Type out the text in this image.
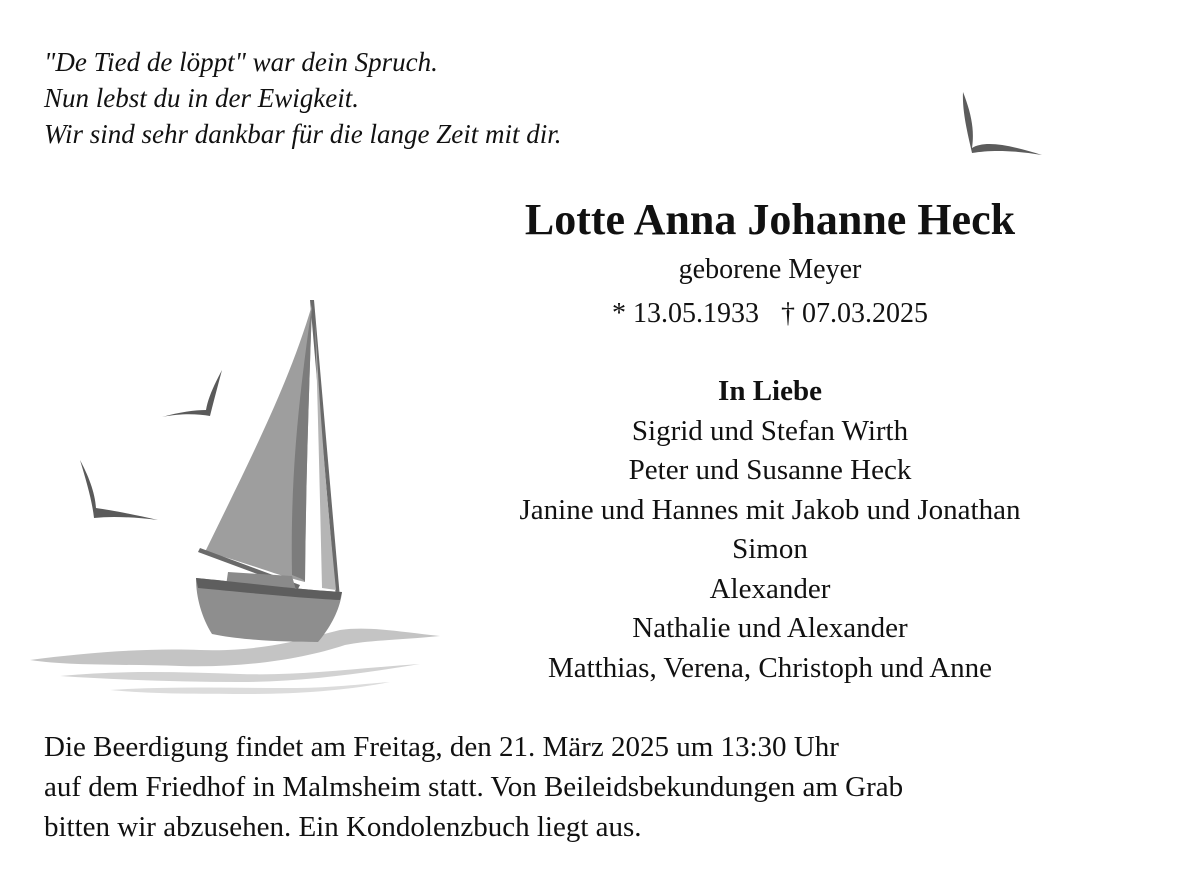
"De Tied de löppt" war dein Spruch.
Nun lebst du in der Ewigkeit.
Wir sind sehr dankbar für die lange Zeit mit dir.
Lotte Anna Johanne Heck
geborene Meyer
* 13.05.1933 † 07.03.2025
In Liebe
Sigrid und Stefan Wirth
Peter und Susanne Heck
Janine und Hannes mit Jakob und Jonathan
Simon
Alexander
Nathalie und Alexander
Matthias, Verena, Christoph und Anne
Die Beerdigung findet am Freitag, den 21. März 2025 um 13:30 Uhr
auf dem Friedhof in Malmsheim statt. Von Beileidsbekundungen am Grab
bitten wir abzusehen. Ein Kondolenzbuch liegt aus.
